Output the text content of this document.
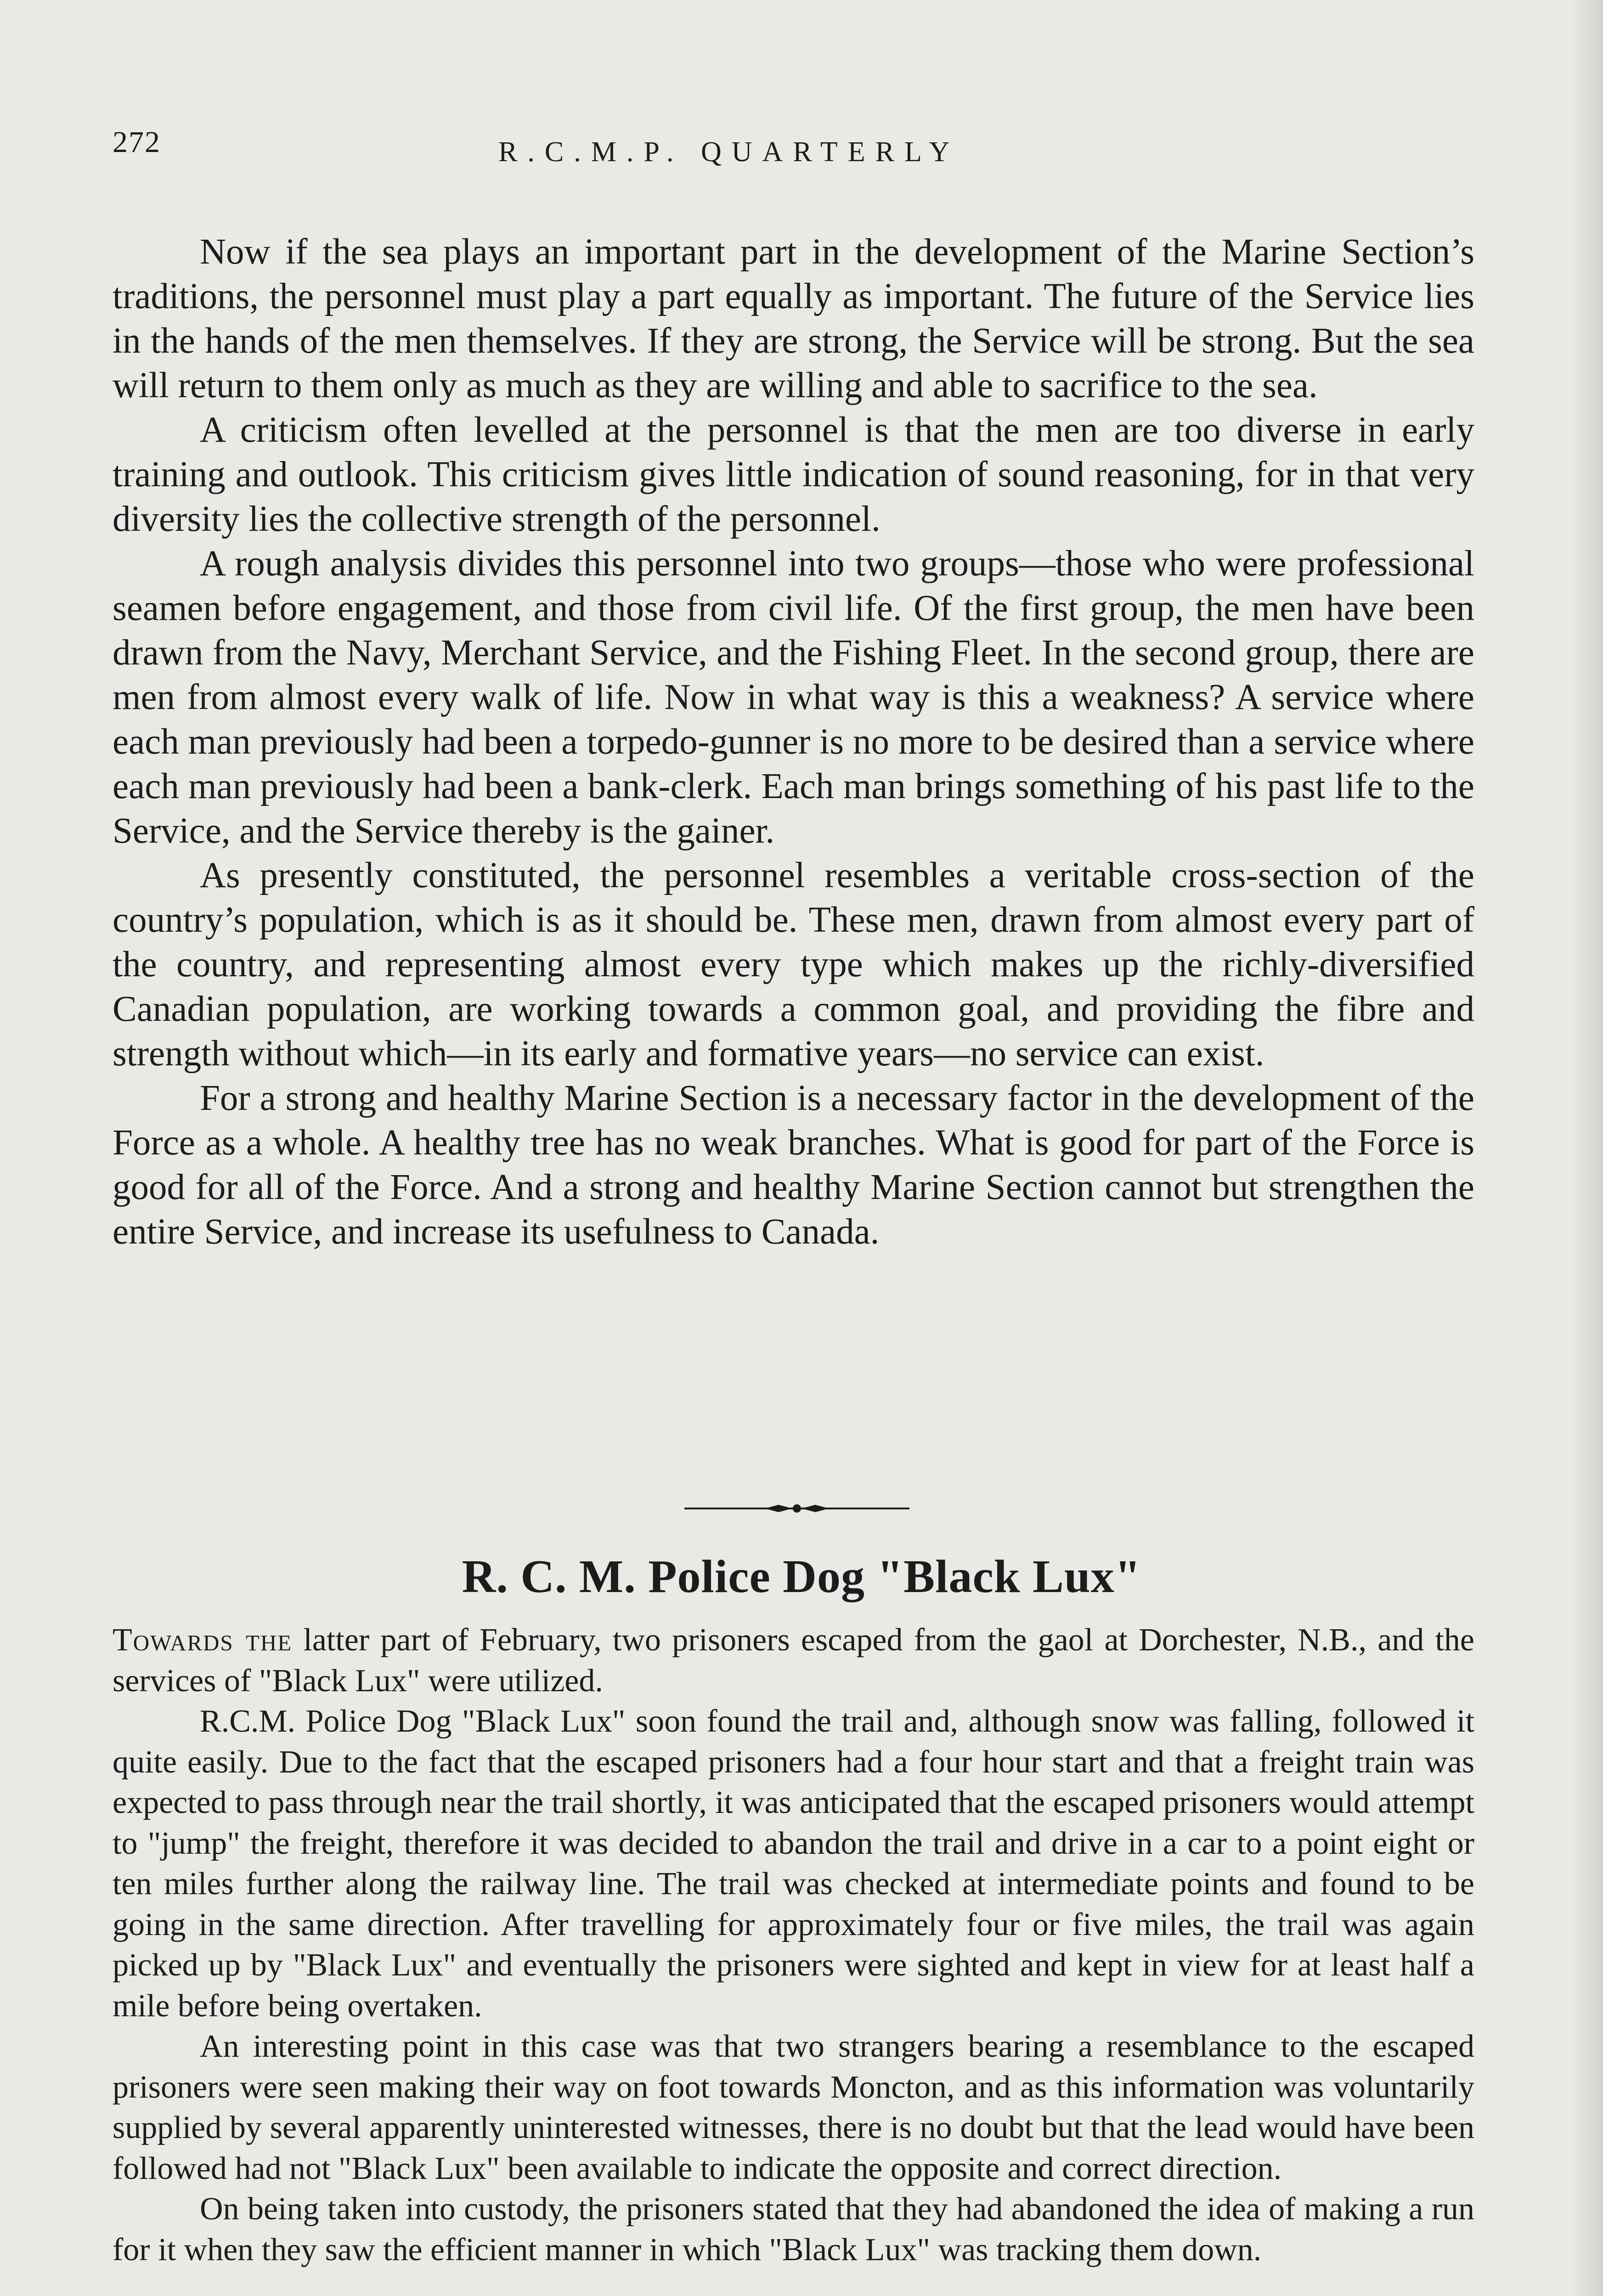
272	R.C.M.P. QUARTERLY

Now if the sea plays an important part in the development of the Marine Section’s traditions, the personnel must play a part equally as important. The future of the Service lies in the hands of the men themselves. If they are strong, the Service will be strong. But the sea will return to them only as much as they are willing and able to sacrifice to the sea.

A criticism often levelled at the personnel is that the men are too diverse in early training and outlook. This criticism gives little indication of sound reasoning, for in that very diversity lies the collective strength of the personnel.

A rough analysis divides this personnel into two groups—those who were professional seamen before engagement, and those from civil life. Of the first group, the men have been drawn from the Navy, Merchant Service, and the Fishing Fleet. In the second group, there are men from almost every walk of life. Now in what way is this a weakness? A service where each man previously had been a torpedo-gunner is no more to be desired than a service where each man previously had been a bank-clerk. Each man brings something of his past life to the Service, and the Service thereby is the gainer.

As presently constituted, the personnel resembles a veritable cross-section of the country’s population, which is as it should be. These men, drawn from almost every part of the country, and representing almost every type which makes up the richly-diversified Canadian population, are working towards a common goal, and providing the fibre and strength without which—in its early and formative years—no service can exist.

For a strong and healthy Marine Section is a necessary factor in the development of the Force as a whole. A healthy tree has no weak branches. What is good for part of the Force is good for all of the Force. And a strong and healthy Marine Section cannot but strengthen the entire Service, and increase its usefulness to Canada.

R. C. M. Police Dog "Black Lux"

Towards the latter part of February, two prisoners escaped from the gaol at Dorchester, N.B., and the services of "Black Lux" were utilized.

R.C.M. Police Dog "Black Lux" soon found the trail and, although snow was falling, followed it quite easily. Due to the fact that the escaped prisoners had a four hour start and that a freight train was expected to pass through near the trail shortly, it was anticipated that the escaped prisoners would attempt to "jump" the freight, therefore it was decided to abandon the trail and drive in a car to a point eight or ten miles further along the railway line. The trail was checked at intermediate points and found to be going in the same direction. After travelling for approximately four or five miles, the trail was again picked up by "Black Lux" and eventually the prisoners were sighted and kept in view for at least half a mile before being overtaken.

An interesting point in this case was that two strangers bearing a resemblance to the escaped prisoners were seen making their way on foot towards Moncton, and as this information was voluntarily supplied by several apparently uninterested witnesses, there is no doubt but that the lead would have been followed had not "Black Lux" been available to indicate the opposite and correct direction.

On being taken into custody, the prisoners stated that they had abandoned the idea of making a run for it when they saw the efficient manner in which "Black Lux" was tracking them down.
